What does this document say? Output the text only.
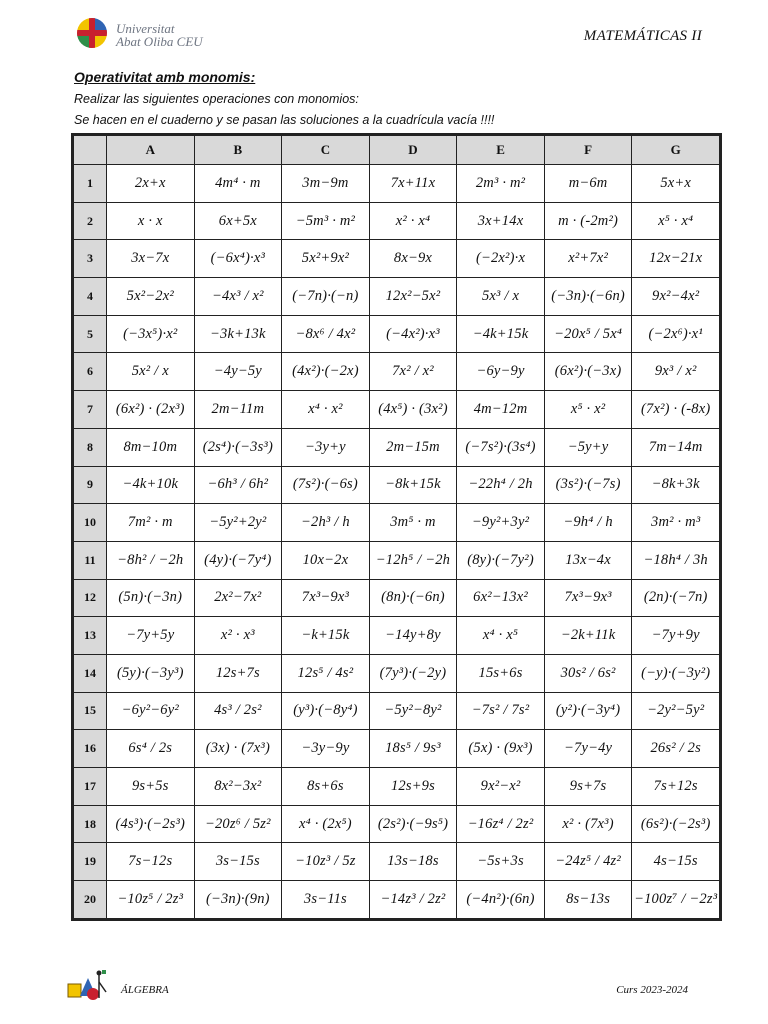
Universitat
Abat Oliba CEU	MATEMÁTICAS II
Operativitat amb monomis:
Realizar las siguientes operaciones con monomios:
Se hacen en el cuaderno y se pasan las soluciones a la cuadrícula vacía !!!!
	A	B	C	D	E	F	G
1	2x+x	4m⁴ · m	3m−9m	7x+11x	2m³ · m²	m−6m	5x+x
2	x · x	6x+5x	−5m³ · m²	x² · x⁴	3x+14x	m · (-2m²)	x⁵ · x⁴
3	3x−7x	(−6x⁴)·x³	5x²+9x²	8x−9x	(−2x²)·x	x²+7x²	12x−21x
4	5x²−2x²	−4x³ / x²	(−7n)·(−n)	12x²−5x²	5x³ / x	(−3n)·(−6n)	9x²−4x²
5	(−3x⁵)·x²	−3k+13k	−8x⁶ / 4x²	(−4x²)·x³	−4k+15k	−20x⁵ / 5x⁴	(−2x⁶)·x¹
6	5x² / x	−4y−5y	(4x²)·(−2x)	7x² / x²	−6y−9y	(6x²)·(−3x)	9x³ / x²
7	(6x²) · (2x³)	2m−11m	x⁴ · x²	(4x⁵) · (3x²)	4m−12m	x⁵ · x²	(7x²) · (-8x)
8	8m−10m	(2s⁴)·(−3s³)	−3y+y	2m−15m	(−7s²)·(3s⁴)	−5y+y	7m−14m
9	−4k+10k	−6h³ / 6h²	(7s²)·(−6s)	−8k+15k	−22h⁴ / 2h	(3s²)·(−7s)	−8k+3k
10	7m² · m	−5y²+2y²	−2h³ / h	3m⁵ · m	−9y²+3y²	−9h⁴ / h	3m² · m³
11	−8h² / −2h	(4y)·(−7y⁴)	10x−2x	−12h⁵ / −2h	(8y)·(−7y²)	13x−4x	−18h⁴ / 3h
12	(5n)·(−3n)	2x²−7x²	7x³−9x³	(8n)·(−6n)	6x²−13x²	7x³−9x³	(2n)·(−7n)
13	−7y+5y	x² · x³	−k+15k	−14y+8y	x⁴ · x⁵	−2k+11k	−7y+9y
14	(5y)·(−3y³)	12s+7s	12s⁵ / 4s²	(7y³)·(−2y)	15s+6s	30s² / 6s²	(−y)·(−3y²)
15	−6y²−6y²	4s³ / 2s²	(y³)·(−8y⁴)	−5y²−8y²	−7s² / 7s²	(y²)·(−3y⁴)	−2y²−5y²
16	6s⁴ / 2s	(3x) · (7x³)	−3y−9y	18s⁵ / 9s³	(5x) · (9x³)	−7y−4y	26s² / 2s
17	9s+5s	8x²−3x²	8s+6s	12s+9s	9x²−x²	9s+7s	7s+12s
18	(4s³)·(−2s³)	−20z⁶ / 5z²	x⁴ · (2x⁵)	(2s²)·(−9s⁵)	−16z⁴ / 2z²	x² · (7x³)	(6s²)·(−2s³)
19	7s−12s	3s−15s	−10z³ / 5z	13s−18s	−5s+3s	−24z⁵ / 4z²	4s−15s
20	−10z⁵ / 2z³	(−3n)·(9n)	3s−11s	−14z³ / 2z²	(−4n²)·(6n)	8s−13s	−100z⁷ / −2z³
ÁLGEBRA	Curs 2023-2024
